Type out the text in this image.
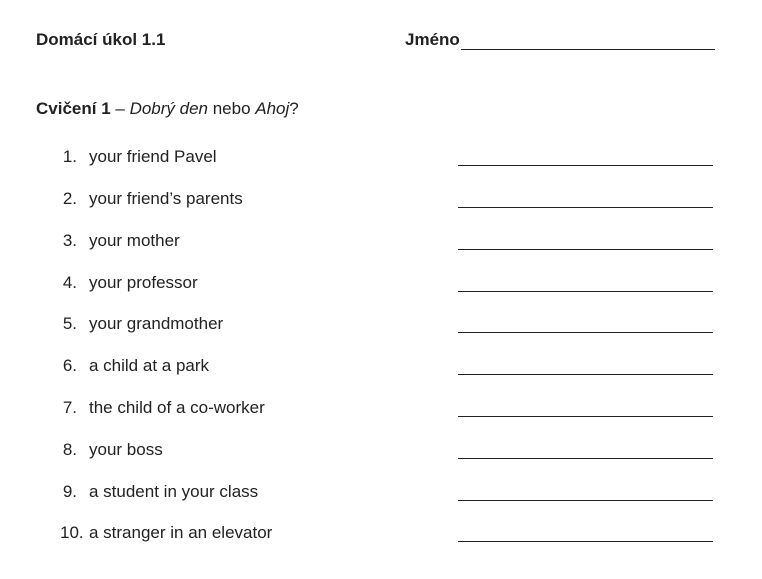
Domácí úkol 1.1	Jméno
Cvičení 1 – Dobrý den nebo Ahoj?
1. your friend Pavel
2. your friend’s parents
3. your mother
4. your professor
5. your grandmother
6. a child at a park
7. the child of a co-worker
8. your boss
9. a student in your class
10. a stranger in an elevator
